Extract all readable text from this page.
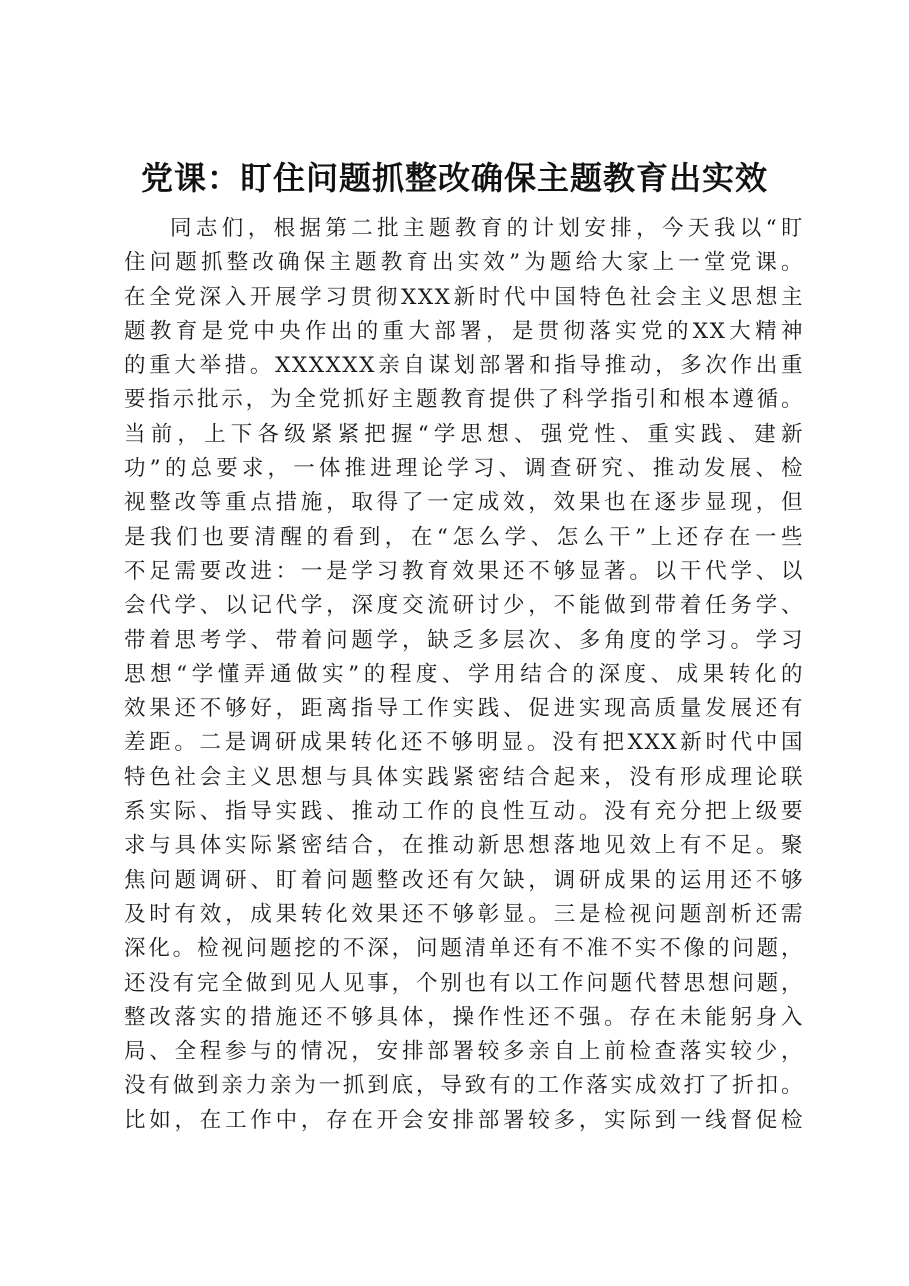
党课：盯住问题抓整改确保主题教育出实效
同志们，根据第二批主题教育的计划安排，今天我以“盯
住问题抓整改确保主题教育出实效”为题给大家上一堂党课。
在全党深入开展学习贯彻XXX新时代中国特色社会主义思想主
题教育是党中央作出的重大部署，是贯彻落实党的XX大精神
的重大举措。XXXXXX亲自谋划部署和指导推动，多次作出重
要指示批示，为全党抓好主题教育提供了科学指引和根本遵循。
当前，上下各级紧紧把握“学思想、强党性、重实践、建新
功”的总要求，一体推进理论学习、调查研究、推动发展、检
视整改等重点措施，取得了一定成效，效果也在逐步显现，但
是我们也要清醒的看到，在“怎么学、怎么干”上还存在一些
不足需要改进：一是学习教育效果还不够显著。以干代学、以
会代学、以记代学，深度交流研讨少，不能做到带着任务学、
带着思考学、带着问题学，缺乏多层次、多角度的学习。学习
思想“学懂弄通做实”的程度、学用结合的深度、成果转化的
效果还不够好，距离指导工作实践、促进实现高质量发展还有
差距。二是调研成果转化还不够明显。没有把XXX新时代中国
特色社会主义思想与具体实践紧密结合起来，没有形成理论联
系实际、指导实践、推动工作的良性互动。没有充分把上级要
求与具体实际紧密结合，在推动新思想落地见效上有不足。聚
焦问题调研、盯着问题整改还有欠缺，调研成果的运用还不够
及时有效，成果转化效果还不够彰显。三是检视问题剖析还需
深化。检视问题挖的不深，问题清单还有不准不实不像的问题，
还没有完全做到见人见事，个别也有以工作问题代替思想问题，
整改落实的措施还不够具体，操作性还不强。存在未能躬身入
局、全程参与的情况，安排部署较多亲自上前检查落实较少，
没有做到亲力亲为一抓到底，导致有的工作落实成效打了折扣。
比如，在工作中，存在开会安排部署较多，实际到一线督促检
